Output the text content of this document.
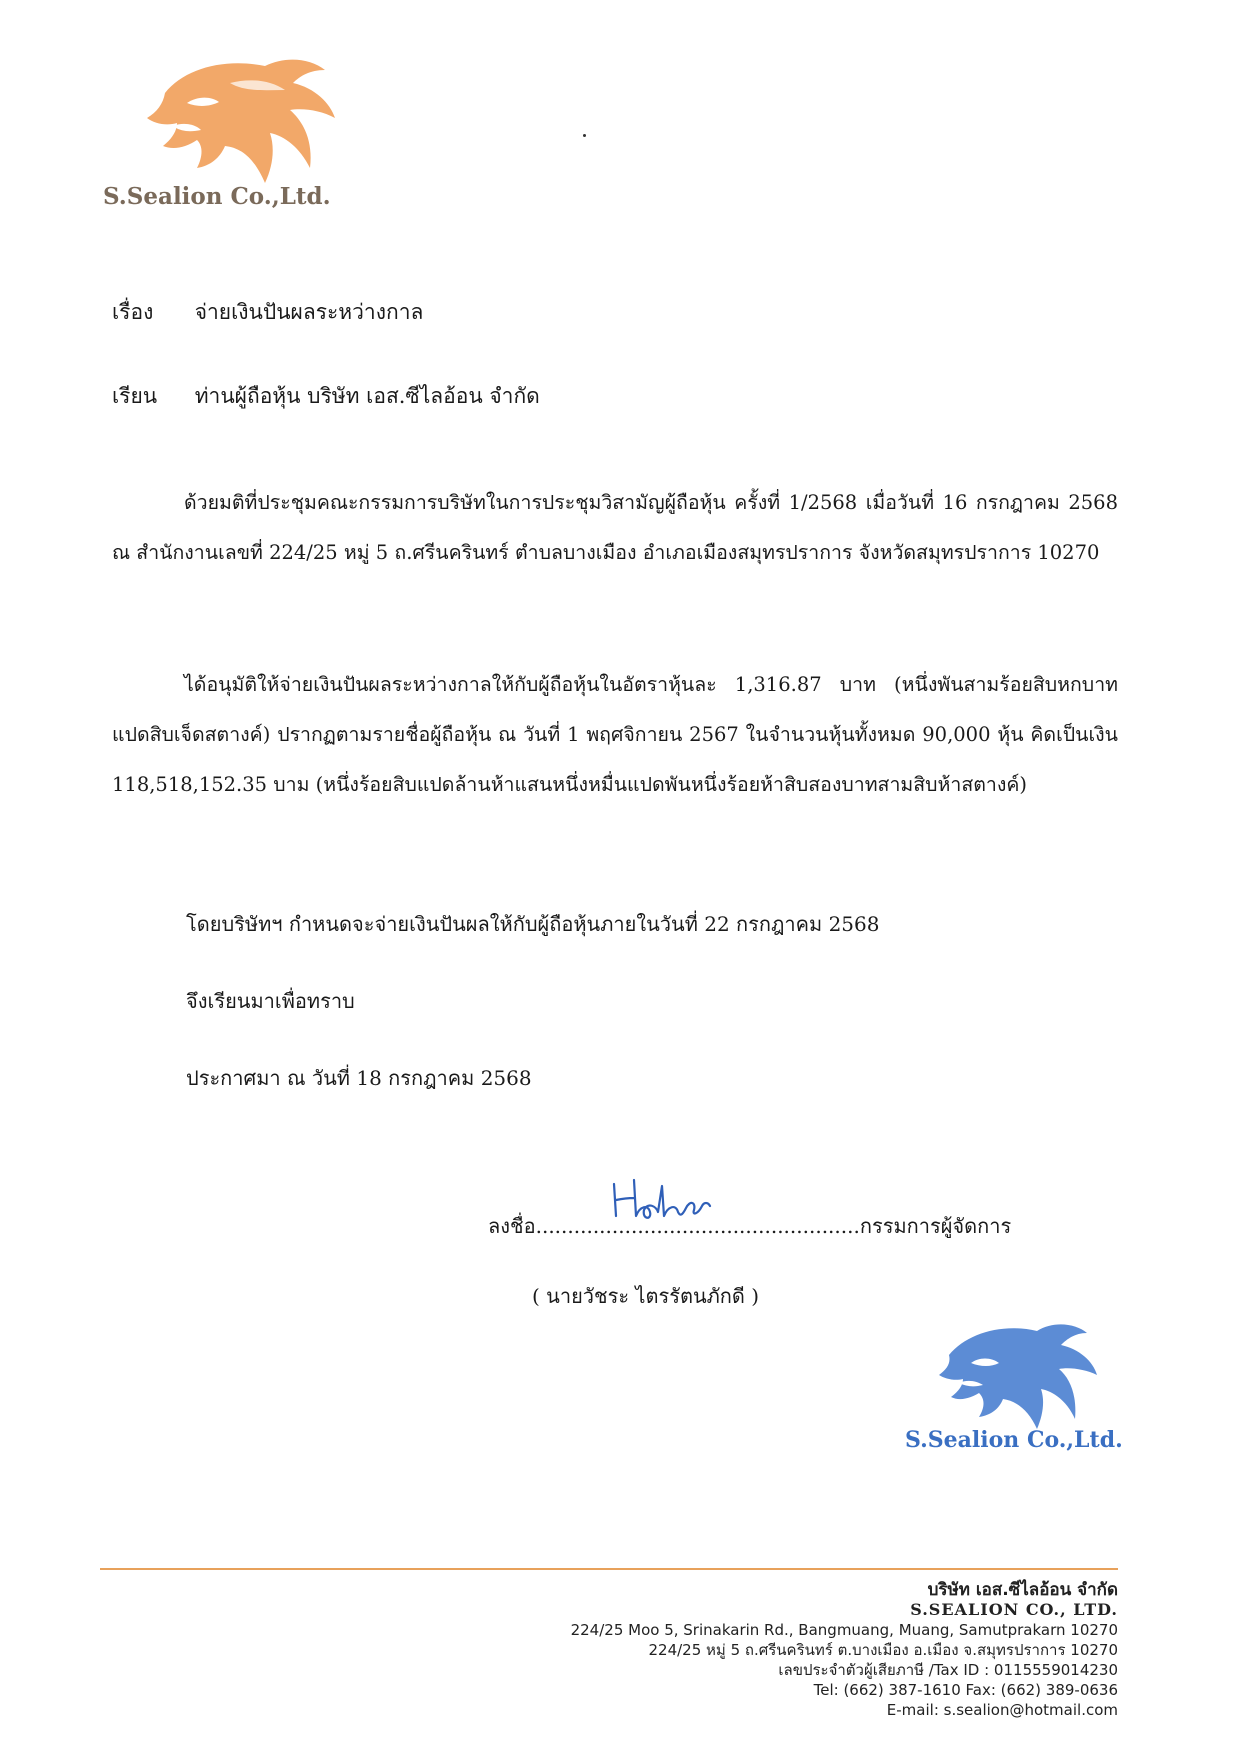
S.Sealion Co.,Ltd.
เรื่อง จ่ายเงินปันผลระหว่างกาล
เรียน ท่านผู้ถือหุ้น บริษัท เอส.ซีไลอ้อน จำกัด
ด้วยมติที่ประชุมคณะกรรมการบริษัทในการประชุมวิสามัญผู้ถือหุ้น ครั้งที่ 1/2568 เมื่อวันที่ 16 กรกฎาคม 2568 ณ สำนักงานเลขที่ 224/25 หมู่ 5 ถ.ศรีนครินทร์ ตำบลบางเมือง อำเภอเมืองสมุทรปราการ จังหวัดสมุทรปราการ 10270
ได้อนุมัติให้จ่ายเงินปันผลระหว่างกาลให้กับผู้ถือหุ้นในอัตราหุ้นละ 1,316.87 บาท (หนึ่งพันสามร้อยสิบหกบาทแปดสิบเจ็ดสตางค์) ปรากฏตามรายชื่อผู้ถือหุ้น ณ วันที่ 1 พฤศจิกายน 2567 ในจำนวนหุ้นทั้งหมด 90,000 หุ้น คิดเป็นเงิน 118,518,152.35 บาม (หนึ่งร้อยสิบแปดล้านห้าแสนหนึ่งหมื่นแปดพันหนึ่งร้อยห้าสิบสองบาทสามสิบห้าสตางค์)
โดยบริษัทฯ กำหนดจะจ่ายเงินปันผลให้กับผู้ถือหุ้นภายในวันที่ 22 กรกฎาคม 2568
จึงเรียนมาเพื่อทราบ
ประกาศมา ณ วันที่ 18 กรกฎาคม 2568
ลงชื่อ...................................................กรรมการผู้จัดการ
( นายวัชระ ไตรรัตนภักดี )
S.Sealion Co.,Ltd.
บริษัท เอส.ซีไลอ้อน จำกัด
S.SEALION CO., LTD.
224/25 Moo 5, Srinakarin Rd., Bangmuang, Muang, Samutprakarn 10270
224/25 หมู่ 5 ถ.ศรีนครินทร์ ต.บางเมือง อ.เมือง จ.สมุทรปราการ 10270
เลขประจำตัวผู้เสียภาษี /Tax ID : 0115559014230
Tel: (662) 387-1610 Fax: (662) 389-0636
E-mail: s.sealion@hotmail.com
